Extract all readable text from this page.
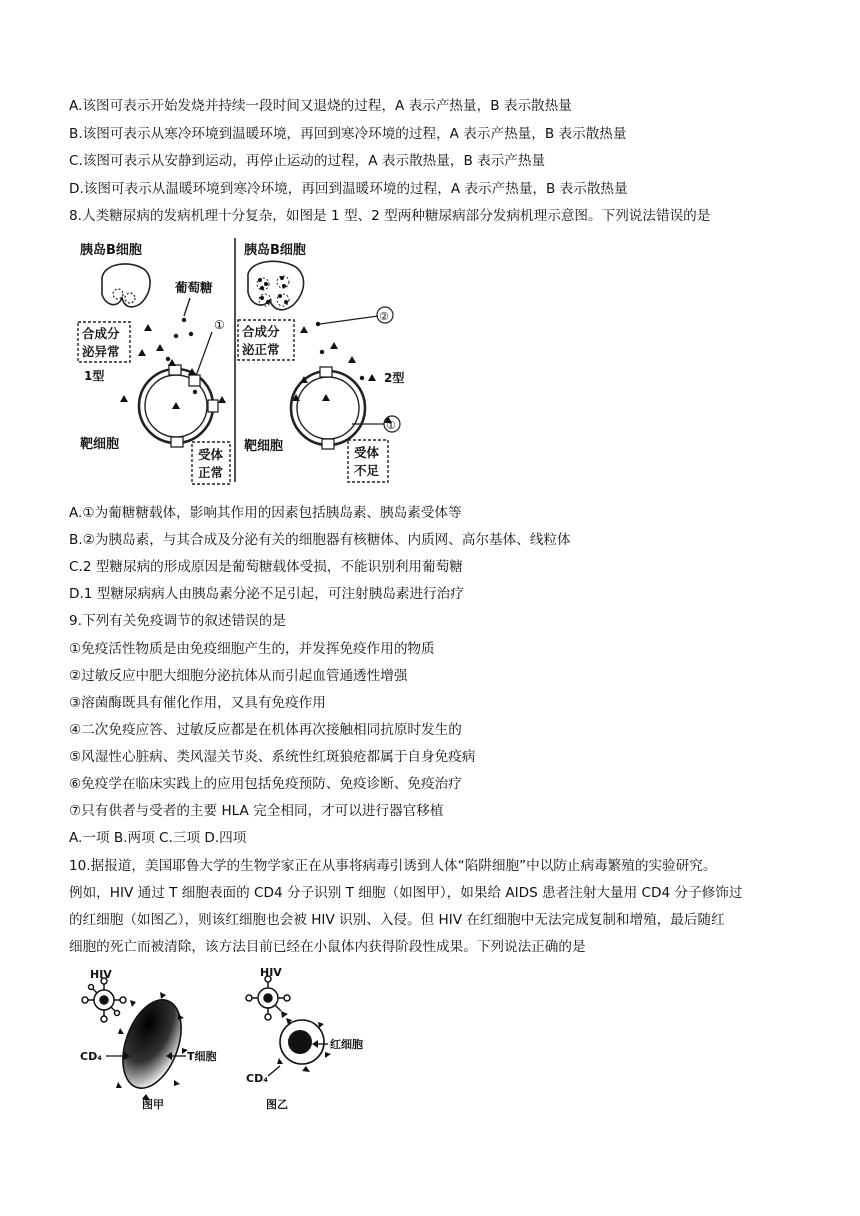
A.该图可表示开始发烧并持续一段时间又退烧的过程，A 表示产热量，B 表示散热量
B.该图可表示从寒冷环境到温暖环境，再回到寒冷环境的过程，A 表示产热量，B 表示散热量
C.该图可表示从安静到运动，再停止运动的过程，A 表示散热量，B 表示产热量
D.该图可表示从温暖环境到寒冷环境，再回到温暖环境的过程，A 表示产热量，B 表示散热量
8.人类糖尿病的发病机理十分复杂，如图是 1 型、2 型两种糖尿病部分发病机理示意图。下列说法错误的是
胰岛B细胞
葡萄糖
合成分
泌异常
1型
①
靶细胞
受体
正常
胰岛B细胞
合成分
泌正常
②
2型
①
靶细胞	受体
不足
A.①为葡糖糖载体，影响其作用的因素包括胰岛素、胰岛素受体等
B.②为胰岛素，与其合成及分泌有关的细胞器有核糖体、内质网、高尔基体、线粒体
C.2 型糖尿病的形成原因是葡萄糖载体受损，不能识别利用葡萄糖
D.1 型糖尿病病人由胰岛素分泌不足引起，可注射胰岛素进行治疗
9.下列有关免疫调节的叙述错误的是
①免疫活性物质是由免疫细胞产生的，并发挥免疫作用的物质
②过敏反应中肥大细胞分泌抗体从而引起血管通透性增强
③溶菌酶既具有催化作用，又具有免疫作用
④二次免疫应答、过敏反应都是在机体再次接触相同抗原时发生的
⑤风湿性心脏病、类风湿关节炎、系统性红斑狼疮都属于自身免疫病
⑥免疫学在临床实践上的应用包括免疫预防、免疫诊断、免疫治疗
⑦只有供者与受者的主要 HLA 完全相同，才可以进行器官移植
A.一项 B.两项 C.三项 D.四项
10.据报道，美国耶鲁大学的生物学家正在从事将病毒引诱到人体“陷阱细胞”中以防止病毒繁殖的实验研究。
例如，HIV 通过 T 细胞表面的 CD4 分子识别 T 细胞（如图甲），如果给 AIDS 患者注射大量用 CD4 分子修饰过
的红细胞（如图乙），则该红细胞也会被 HIV 识别、入侵。但 HIV 在红细胞中无法完成复制和增殖，最后随红
细胞的死亡而被清除，该方法目前已经在小鼠体内获得阶段性成果。下列说法正确的是
HIV
CD₄	T细胞
图甲
HIV
红细胞
CD₄
图乙
